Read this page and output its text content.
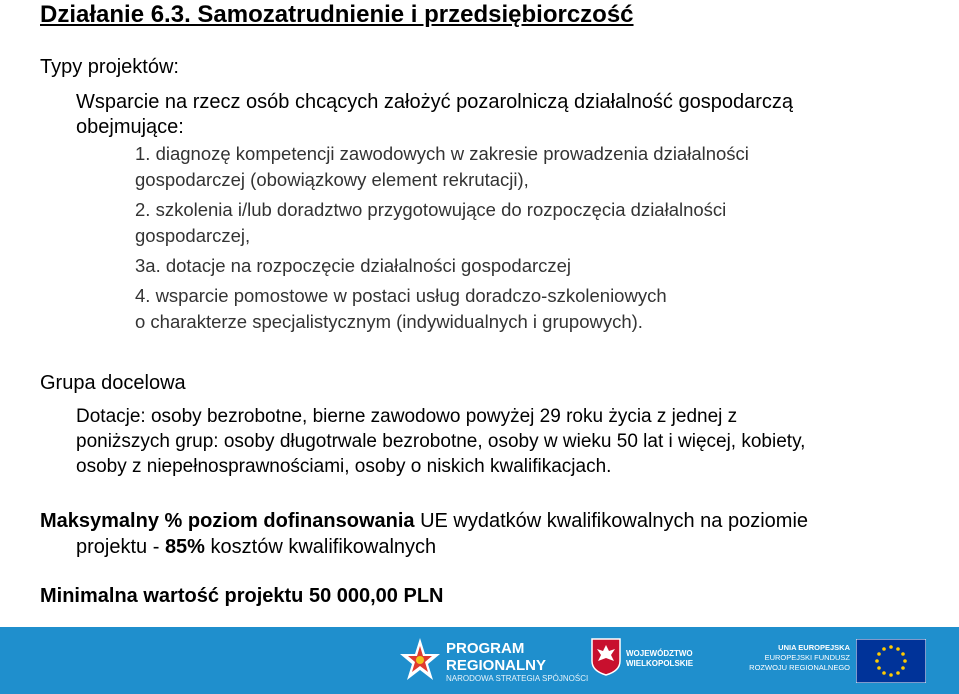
Działanie 6.3. Samozatrudnienie i przedsiębiorczość
Typy projektów:
Wsparcie na rzecz osób chcących założyć pozarolniczą działalność gospodarczą
obejmujące:
1. diagnozę kompetencji zawodowych w zakresie prowadzenia działalności
gospodarczej (obowiązkowy element rekrutacji),
2. szkolenia i/lub doradztwo przygotowujące do rozpoczęcia działalności
gospodarczej,
3a. dotacje na rozpoczęcie działalności gospodarczej
4. wsparcie pomostowe w postaci usług doradczo-szkoleniowych
o charakterze specjalistycznym (indywidualnych i grupowych).
Grupa docelowa
Dotacje: osoby bezrobotne, bierne zawodowo powyżej 29 roku życia z jednej z
poniższych grup: osoby długotrwale bezrobotne, osoby w wieku 50 lat i więcej, kobiety,
osoby z niepełnosprawnościami, osoby o niskich kwalifikacjach.
Maksymalny % poziom dofinansowania UE wydatków kwalifikowalnych na poziomie
projektu - 85% kosztów kwalifikowalnych
Minimalna wartość projektu 50 000,00 PLN
PROGRAM
REGIONALNY
NARODOWA STRATEGIA SPÓJNOŚCI
WOJEWÓDZTWO
WIELKOPOLSKIE
UNIA EUROPEJSKA
EUROPEJSKI FUNDUSZ
ROZWOJU REGIONALNEGO
